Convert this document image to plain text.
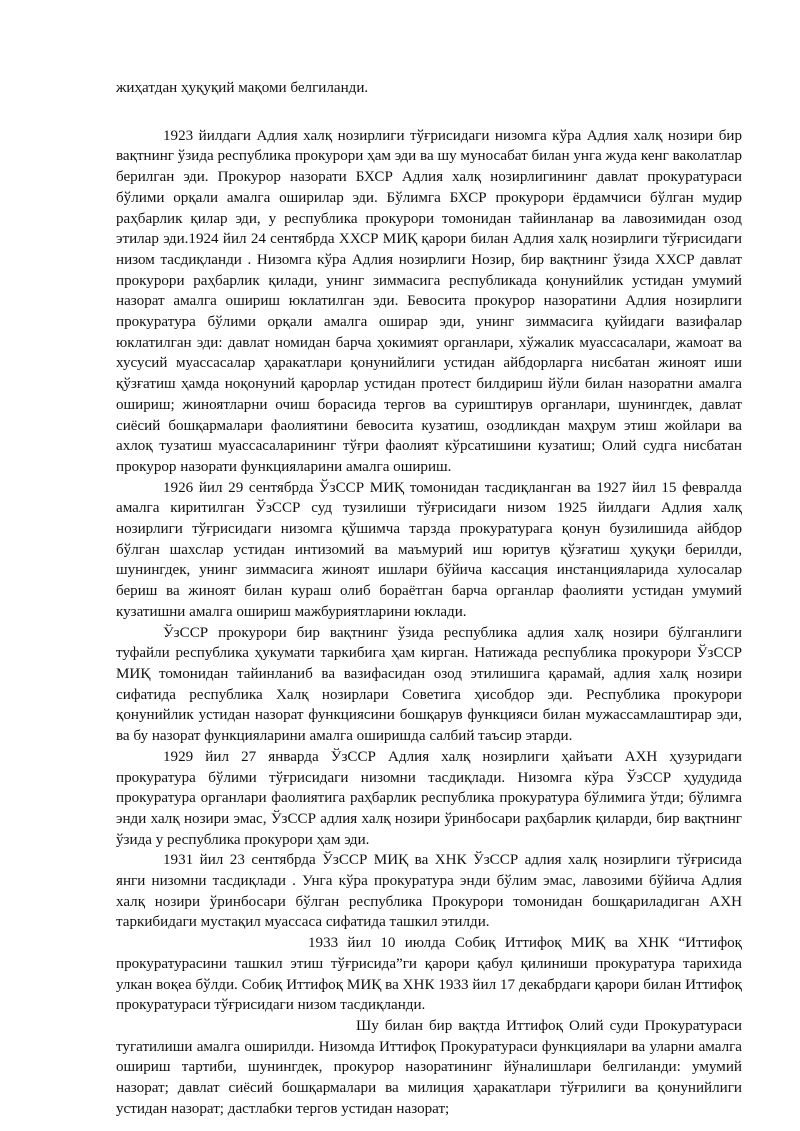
жиҳатдан ҳуқуқий мақоми белгиланди.

1923 йилдаги Адлия халқ нозирлиги тўғрисидаги низомга кўра Адлия халқ нозири бир вақтнинг ўзида республика прокурори ҳам эди ва шу муносабат билан унга жуда кенг ваколатлар берилган эди. Прокурор назорати БХСР Адлия халқ нозирлигининг давлат прокуратураси бўлими орқали амалга оширилар эди. Бўлимга БХСР прокурори ёрдамчиси бўлган мудир раҳбарлик қилар эди, у республика прокурори томонидан тайинланар ва лавозимидан озод этилар эди.1924 йил 24 сентябрда ХХСР МИҚ қарори билан Адлия халқ нозирлиги тўғрисидаги низом тасдиқланди . Низомга кўра Адлия нозирлиги Нозир, бир вақтнинг ўзида ХХСР давлат прокурори раҳбарлик қилади, унинг зиммасига республикада қонунийлик устидан умумий назорат амалга ошириш юклатилган эди. Бевосита прокурор назоратини Адлия нозирлиги прокуратура бўлими орқали амалга оширар эди, унинг зиммасига қуйидаги вазифалар юклатилган эди: давлат номидан барча ҳокимият органлари, хўжалик муассасалари, жамоат ва хусусий муассасалар ҳаракатлари қонунийлиги устидан айбдорларга нисбатан жиноят иши қўзғатиш ҳамда ноқонуний қарорлар устидан протест билдириш йўли билан назоратни амалга ошириш; жиноятларни очиш борасида тергов ва суриштирув органлари, шунингдек, давлат сиёсий бошқармалари фаолиятини бевосита кузатиш, озодликдан маҳрум этиш жойлари ва ахлоқ тузатиш муассасаларининг тўғри фаолият кўрсатишини кузатиш; Олий судга нисбатан прокурор назорати функцияларини амалга ошириш.

1926 йил 29 сентябрда ЎзССР МИҚ томонидан тасдиқланган ва 1927 йил 15 февралда амалга киритилган ЎзССР суд тузилиши тўғрисидаги низом 1925 йилдаги Адлия халқ нозирлиги тўғрисидаги низомга қўшимча тарзда прокуратурага қонун бузилишида айбдор бўлган шахслар устидан интизомий ва маъмурий иш юритув қўзғатиш ҳуқуқи берилди, шунингдек, унинг зиммасига жиноят ишлари бўйича кассация инстанцияларида хулосалар бериш ва жиноят билан кураш олиб бораётган барча органлар фаолияти устидан умумий кузатишни амалга ошириш мажбуриятларини юклади.

ЎзССР прокурори бир вақтнинг ўзида республика адлия халқ нозири бўлганлиги туфайли республика ҳукумати таркибига ҳам кирган. Натижада республика прокурори ЎзССР МИҚ томонидан тайинланиб ва вазифасидан озод этилишига қарамай, адлия халқ нозири сифатида республика Халқ нозирлари Советига ҳисобдор эди. Республика прокурори қонунийлик устидан назорат функциясини бошқарув функцияси билан мужассамлаштирар эди, ва бу назорат функцияларини амалга оширишда салбий таъсир этарди.

1929 йил 27 январда ЎзССР Адлия халқ нозирлиги ҳайъати АХН ҳузуридаги прокуратура бўлими тўғрисидаги низомни тасдиқлади. Низомга кўра ЎзССР ҳудудида прокуратура органлари фаолиятига раҳбарлик республика прокуратура бўлимига ўтди; бўлимга энди халқ нозири эмас, ЎзССР адлия халқ нозири ўринбосари раҳбарлик қиларди, бир вақтнинг ўзида у республика прокурори ҳам эди.

1931 йил 23 сентябрда ЎзССР МИҚ ва ХНК ЎзССР адлия халқ нозирлиги тўғрисида янги низомни тасдиқлади . Унга кўра прокуратура энди бўлим эмас, лавозими бўйича Адлия халқ нозири ўринбосари бўлган республика Прокурори томонидан бошқариладиган АХН таркибидаги мустақил муассаса сифатида ташкил этилди.

1933 йил 10 июлда Собиқ Иттифоқ МИҚ ва ХНК “Иттифоқ прокуратурасини ташкил этиш тўғрисида”ги қарори қабул қилиниши прокуратура тарихида улкан воқеа бўлди. Собиқ Иттифоқ МИҚ ва ХНК 1933 йил 17 декабрдаги қарори билан Иттифоқ прокуратураси тўғрисидаги низом тасдиқланди.

Шу билан бир вақтда Иттифоқ Олий суди Прокуратураси тугатилиши амалга оширилди. Низомда Иттифоқ Прокуратураси функциялари ва уларни амалга ошириш тартиби, шунингдек, прокурор назоратининг йўналишлари белгиланди: умумий назорат; давлат сиёсий бошқармалари ва милиция ҳаракатлари тўғрилиги ва қонунийлиги устидан назорат; дастлабки тергов устидан назорат;
